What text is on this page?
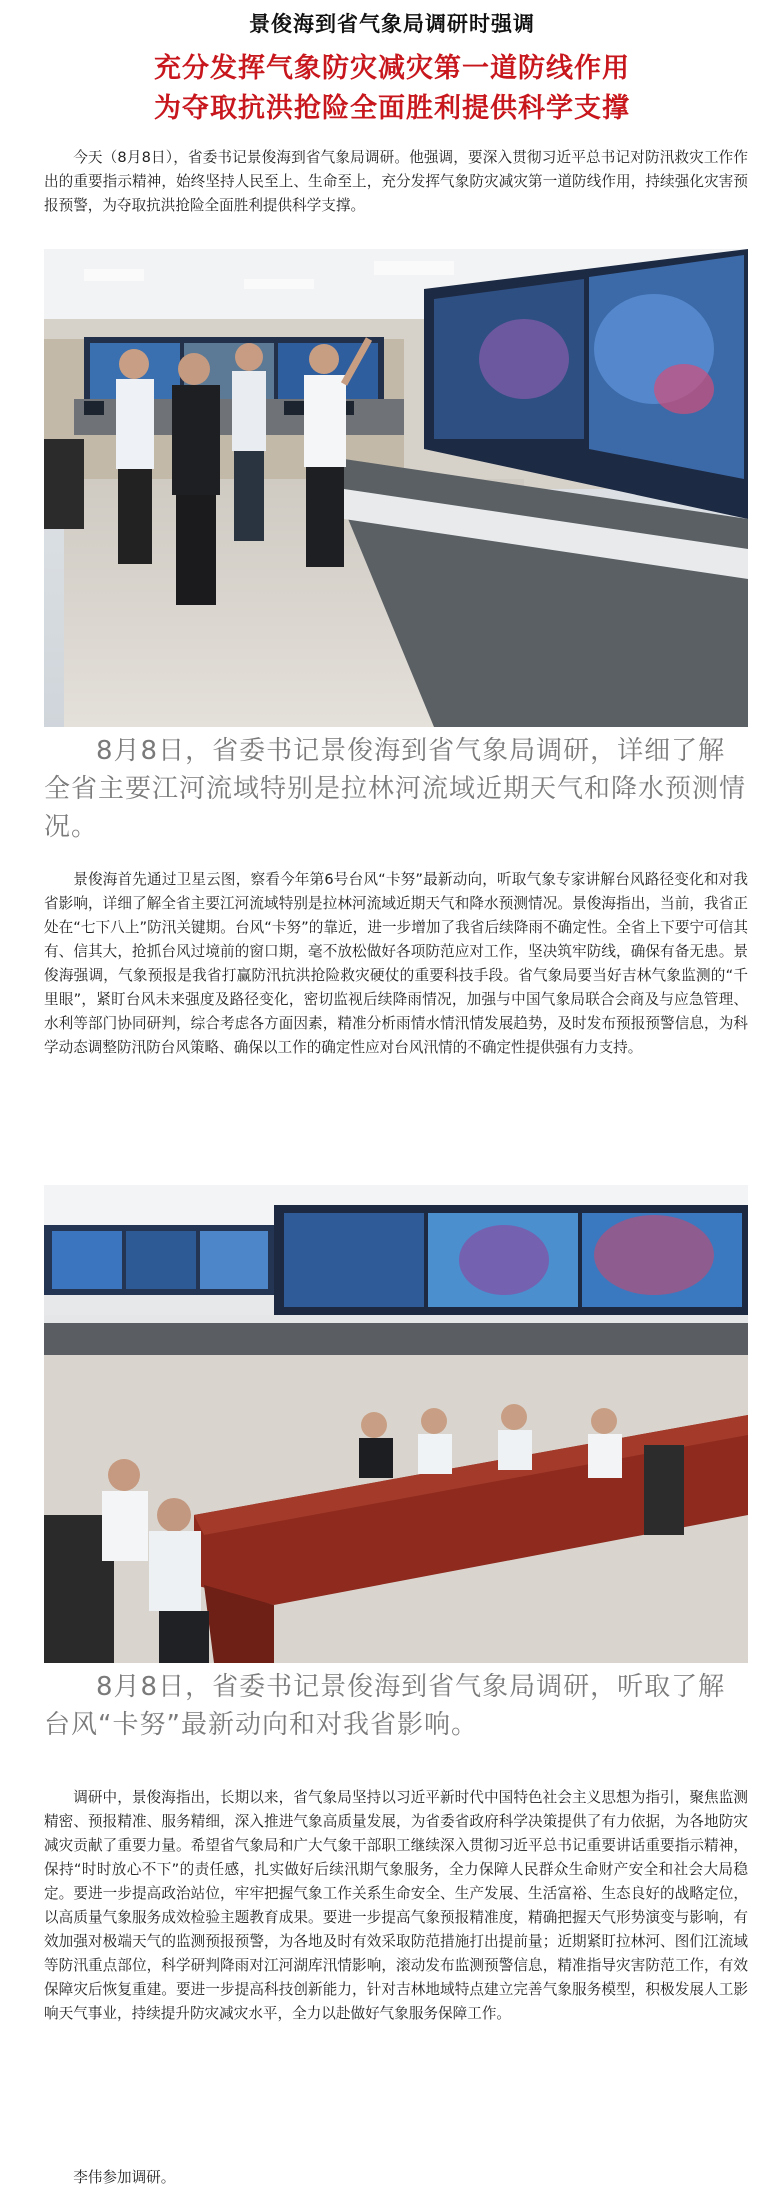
景俊海到省气象局调研时强调
充分发挥气象防灾减灾第一道防线作用
为夺取抗洪抢险全面胜利提供科学支撑

今天（8月8日），省委书记景俊海到省气象局调研。他强调，要深入贯彻习近平总书记对防汛救灾工作作出的重要指示精神，始终坚持人民至上、生命至上，充分发挥气象防灾减灾第一道防线作用，持续强化灾害预报预警，为夺取抗洪抢险全面胜利提供科学支撑。

8月8日，省委书记景俊海到省气象局调研，详细了解全省主要江河流域特别是拉林河流域近期天气和降水预测情况。

景俊海首先通过卫星云图，察看今年第6号台风“卡努”最新动向，听取气象专家讲解台风路径变化和对我省影响，详细了解全省主要江河流域特别是拉林河流域近期天气和降水预测情况。景俊海指出，当前，我省正处在“七下八上”防汛关键期。台风“卡努”的靠近，进一步增加了我省后续降雨不确定性。全省上下要宁可信其有、信其大，抢抓台风过境前的窗口期，毫不放松做好各项防范应对工作，坚决筑牢防线，确保有备无患。景俊海强调，气象预报是我省打赢防汛抗洪抢险救灾硬仗的重要科技手段。省气象局要当好吉林气象监测的“千里眼”，紧盯台风未来强度及路径变化，密切监视后续降雨情况，加强与中国气象局联合会商及与应急管理、水利等部门协同研判，综合考虑各方面因素，精准分析雨情水情汛情发展趋势，及时发布预报预警信息，为科学动态调整防汛防台风策略、确保以工作的确定性应对台风汛情的不确定性提供强有力支持。

8月8日，省委书记景俊海到省气象局调研，听取了解台风“卡努”最新动向和对我省影响。

调研中，景俊海指出，长期以来，省气象局坚持以习近平新时代中国特色社会主义思想为指引，聚焦监测精密、预报精准、服务精细，深入推进气象高质量发展，为省委省政府科学决策提供了有力依据，为各地防灾减灾贡献了重要力量。希望省气象局和广大气象干部职工继续深入贯彻习近平总书记重要讲话重要指示精神，保持“时时放心不下”的责任感，扎实做好后续汛期气象服务，全力保障人民群众生命财产安全和社会大局稳定。要进一步提高政治站位，牢牢把握气象工作关系生命安全、生产发展、生活富裕、生态良好的战略定位，以高质量气象服务成效检验主题教育成果。要进一步提高气象预报精准度，精确把握天气形势演变与影响，有效加强对极端天气的监测预报预警，为各地及时有效采取防范措施打出提前量；近期紧盯拉林河、图们江流域等防汛重点部位，科学研判降雨对江河湖库汛情影响，滚动发布监测预警信息，精准指导灾害防范工作，有效保障灾后恢复重建。要进一步提高科技创新能力，针对吉林地域特点建立完善气象服务模型，积极发展人工影响天气事业，持续提升防灾减灾水平，全力以赴做好气象服务保障工作。

李伟参加调研。
